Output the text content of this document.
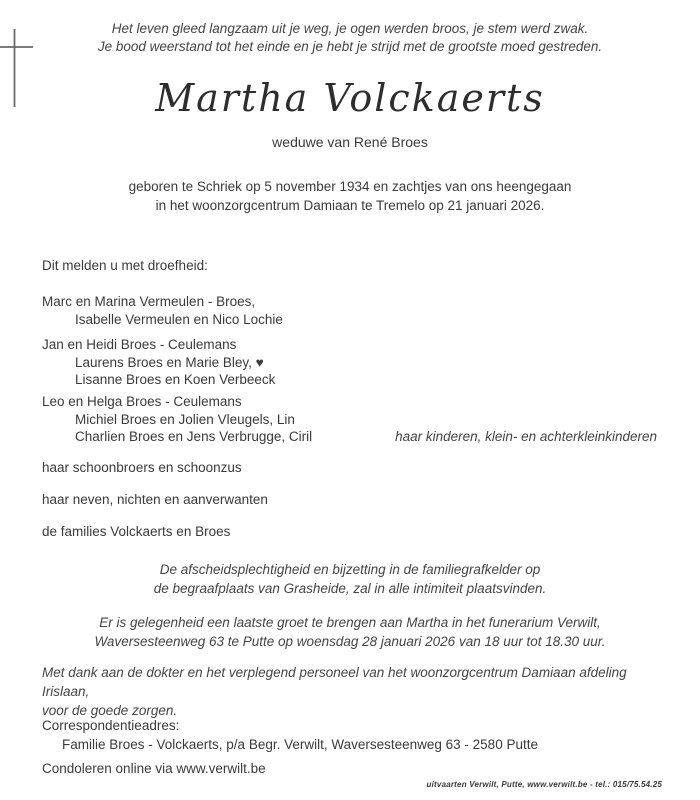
Het leven gleed langzaam uit je weg, je ogen werden broos, je stem werd zwak.
Je bood weerstand tot het einde en je hebt je strijd met de grootste moed gestreden.
Martha Volckaerts
weduwe van René Broes
geboren te Schriek op 5 november 1934 en zachtjes van ons heengegaan
in het woonzorgcentrum Damiaan te Tremelo op 21 januari 2026.
Dit melden u met droefheid:
Marc en Marina Vermeulen - Broes,
Isabelle Vermeulen en Nico Lochie
Jan en Heidi Broes - Ceulemans
Laurens Broes en Marie Bley, ♥
Lisanne Broes en Koen Verbeeck
Leo en Helga Broes - Ceulemans
Michiel Broes en Jolien Vleugels, Lin
Charlien Broes en Jens Verbrugge, Ciril	haar kinderen, klein- en achterkleinkinderen
haar schoonbroers en schoonzus
haar neven, nichten en aanverwanten
de families Volckaerts en Broes
De afscheidsplechtigheid en bijzetting in de familiegrafkelder op
de begraafplaats van Grasheide, zal in alle intimiteit plaatsvinden.
Er is gelegenheid een laatste groet te brengen aan Martha in het funerarium Verwilt,
Waversesteenweg 63 te Putte op woensdag 28 januari 2026 van 18 uur tot 18.30 uur.
Met dank aan de dokter en het verplegend personeel van het woonzorgcentrum Damiaan afdeling Irislaan,
voor de goede zorgen.
Correspondentieadres:
Familie Broes - Volckaerts, p/a Begr. Verwilt, Waversesteenweg 63 - 2580 Putte
Condoleren online via www.verwilt.be
uitvaarten Verwilt, Putte, www.verwilt.be - tel.: 015/75.54.25
